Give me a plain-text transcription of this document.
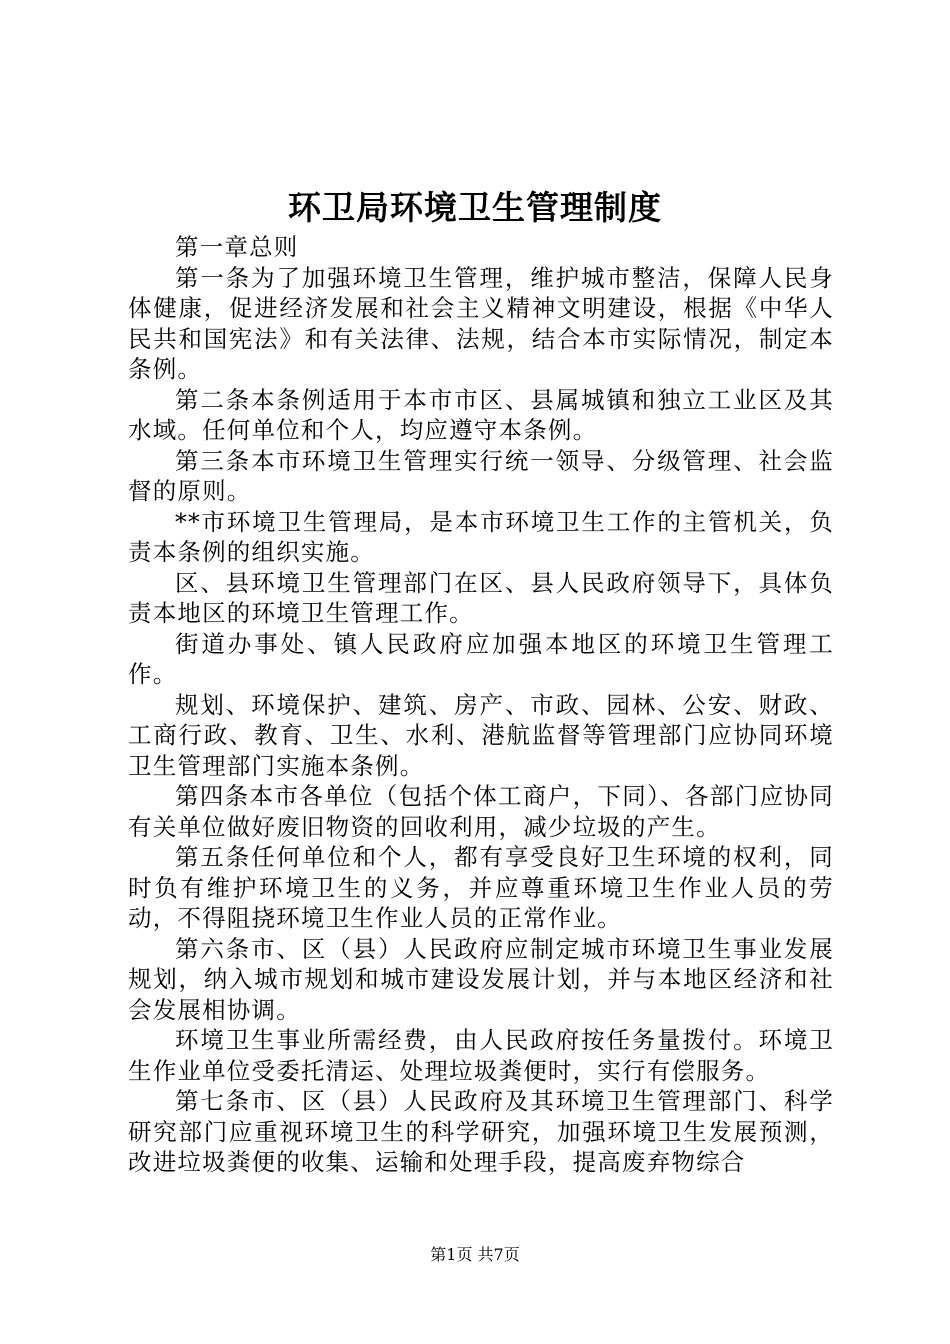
环卫局环境卫生管理制度

第一章总则

第一条为了加强环境卫生管理，维护城市整洁，保障人民身体健康，促进经济发展和社会主义精神文明建设，根据《中华人民共和国宪法》和有关法律、法规，结合本市实际情况，制定本条例。

第二条本条例适用于本市市区、县属城镇和独立工业区及其水域。任何单位和个人，均应遵守本条例。

第三条本市环境卫生管理实行统一领导、分级管理、社会监督的原则。

**市环境卫生管理局，是本市环境卫生工作的主管机关，负责本条例的组织实施。

区、县环境卫生管理部门在区、县人民政府领导下，具体负责本地区的环境卫生管理工作。

街道办事处、镇人民政府应加强本地区的环境卫生管理工作。

规划、环境保护、建筑、房产、市政、园林、公安、财政、工商行政、教育、卫生、水利、港航监督等管理部门应协同环境卫生管理部门实施本条例。

第四条本市各单位（包括个体工商户，下同）、各部门应协同有关单位做好废旧物资的回收利用，减少垃圾的产生。

第五条任何单位和个人，都有享受良好卫生环境的权利，同时负有维护环境卫生的义务，并应尊重环境卫生作业人员的劳动，不得阻挠环境卫生作业人员的正常作业。

第六条市、区（县）人民政府应制定城市环境卫生事业发展规划，纳入城市规划和城市建设发展计划，并与本地区经济和社会发展相协调。

环境卫生事业所需经费，由人民政府按任务量拨付。环境卫生作业单位受委托清运、处理垃圾粪便时，实行有偿服务。

第七条市、区（县）人民政府及其环境卫生管理部门、科学研究部门应重视环境卫生的科学研究，加强环境卫生发展预测，改进垃圾粪便的收集、运输和处理手段，提高废弃物综合

第1页 共7页
